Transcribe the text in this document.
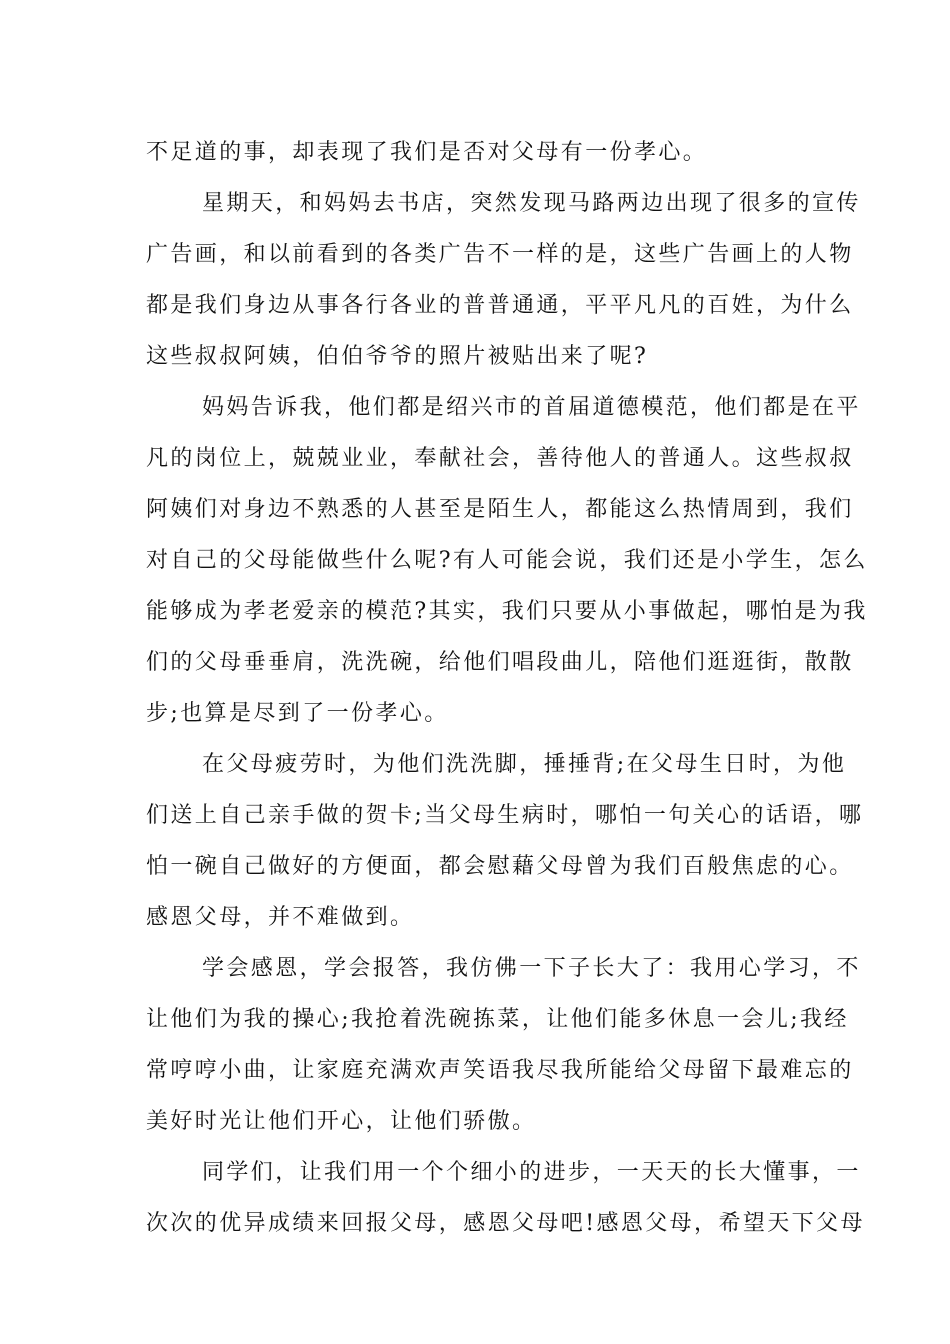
不足道的事，却表现了我们是否对父母有一份孝心。

星期天，和妈妈去书店，突然发现马路两边出现了很多的宣传

广告画，和以前看到的各类广告不一样的是，这些广告画上的人物

都是我们身边从事各行各业的普普通通，平平凡凡的百姓，为什么

这些叔叔阿姨，伯伯爷爷的照片被贴出来了呢?

妈妈告诉我，他们都是绍兴市的首届道德模范，他们都是在平

凡的岗位上，兢兢业业，奉献社会，善待他人的普通人。这些叔叔

阿姨们对身边不熟悉的人甚至是陌生人，都能这么热情周到，我们

对自己的父母能做些什么呢?有人可能会说，我们还是小学生，怎么

能够成为孝老爱亲的模范?其实，我们只要从小事做起，哪怕是为我

们的父母垂垂肩，洗洗碗，给他们唱段曲儿，陪他们逛逛街，散散

步;也算是尽到了一份孝心。

在父母疲劳时，为他们洗洗脚，捶捶背;在父母生日时，为他

们送上自己亲手做的贺卡;当父母生病时，哪怕一句关心的话语，哪

怕一碗自己做好的方便面，都会慰藉父母曾为我们百般焦虑的心。

感恩父母，并不难做到。

学会感恩，学会报答，我仿佛一下子长大了：我用心学习，不

让他们为我的操心;我抢着洗碗拣菜，让他们能多休息一会儿;我经

常哼哼小曲，让家庭充满欢声笑语我尽我所能给父母留下最难忘的

美好时光让他们开心，让他们骄傲。

同学们，让我们用一个个细小的进步，一天天的长大懂事，一

次次的优异成绩来回报父母，感恩父母吧!感恩父母，希望天下父母
